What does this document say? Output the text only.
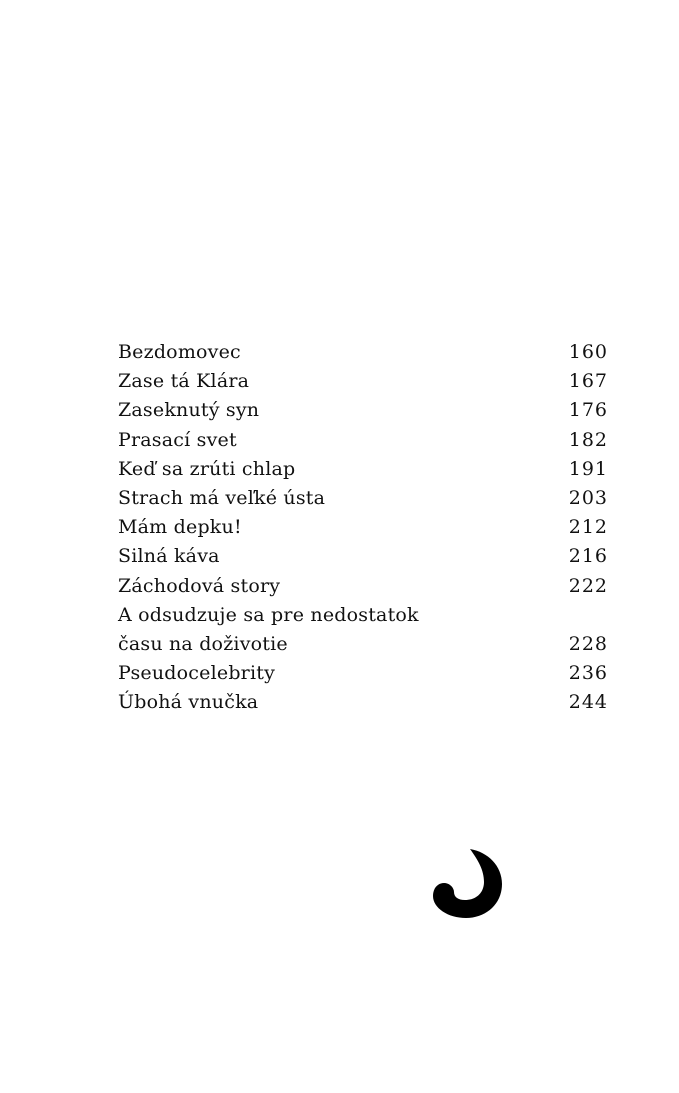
Bezdomovec	160
Zase tá Klára	167
Zaseknutý syn	176
Prasací svet	182
Keď sa zrúti chlap	191
Strach má veľké ústa	203
Mám depku!	212
Silná káva	216
Záchodová story	222
A odsudzuje sa pre nedostatok
času na doživotie	228
Pseudocelebrity	236
Úbohá vnučka	244
